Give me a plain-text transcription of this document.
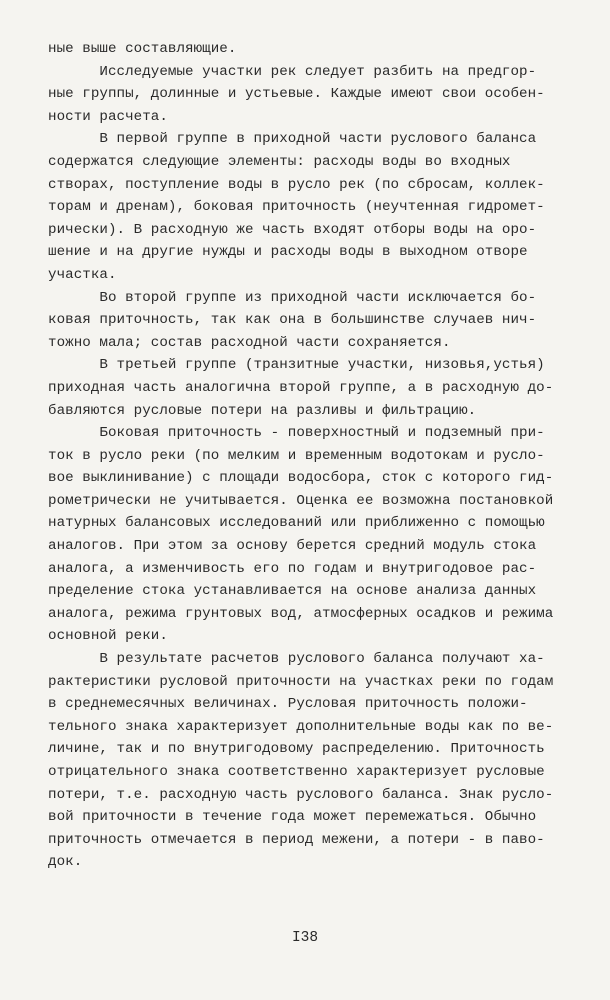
ные выше составляющие.
Исследуемые участки рек следует разбить на предгор-
ные группы, долинные и устьевые. Каждые имеют свои особен-
ности расчета.
В первой группе в приходной части руслового баланса
содержатся следующие элементы: расходы воды во входных
створах, поступление воды в русло рек (по сбросам, коллек-
торам и дренам), боковая приточность (неучтенная гидромет-
рически). В расходную же часть входят отборы воды на оро-
шение и на другие нужды и расходы воды в выходном отворе
участка.
Во второй группе из приходной части исключается бо-
ковая приточность, так как она в большинстве случаев нич-
тожно мала; состав расходной части сохраняется.
В третьей группе (транзитные участки, низовья,устья)
приходная часть аналогична второй группе, а в расходную до-
бавляются русловые потери на разливы и фильтрацию.
Боковая приточность - поверхностный и подземный при-
ток в русло реки (по мелким и временным водотокам и русло-
вое выклинивание) с площади водосбора, сток с которого гид-
рометрически не учитывается. Оценка ее возможна постановкой
натурных балансовых исследований или приближенно с помощью
аналогов. При этом за основу берется средний модуль стока
аналога, а изменчивость его по годам и внутригодовое рас-
пределение стока устанавливается на основе анализа данных
аналога, режима грунтовых вод, атмосферных осадков и режима
основной реки.
В результате расчетов руслового баланса получают ха-
рактеристики русловой приточности на участках реки по годам
в среднемесячных величинах. Русловая приточность положи-
тельного знака характеризует дополнительные воды как по ве-
личине, так и по внутригодовому распределению. Приточность
отрицательного знака соответственно характеризует русловые
потери, т.е. расходную часть руслового баланса. Знак русло-
вой приточности в течение года может перемежаться. Обычно
приточность отмечается в период межени, а потери - в паво-
док.
I38
